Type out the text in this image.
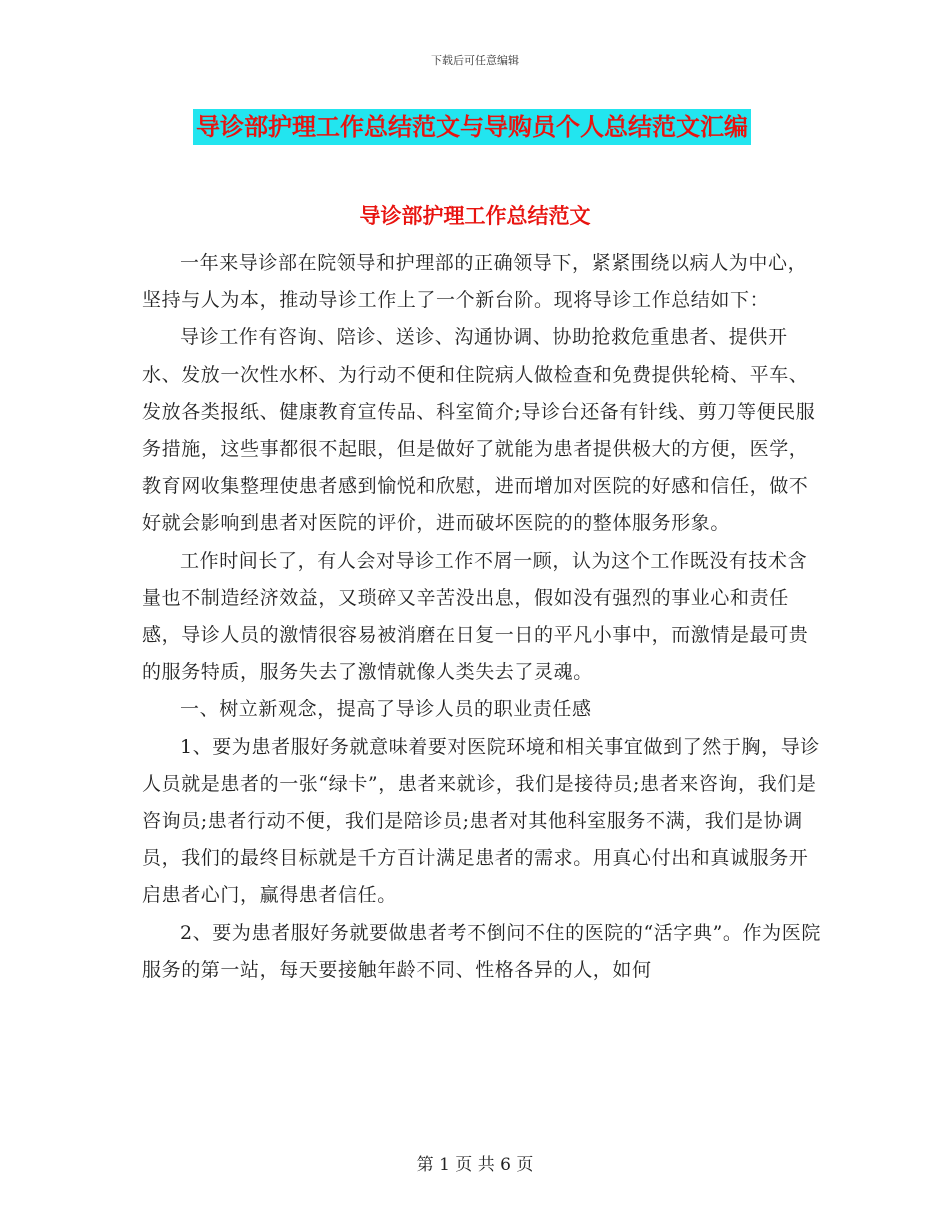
下载后可任意编辑
导诊部护理工作总结范文与导购员个人总结范文汇编
导诊部护理工作总结范文

一年来导诊部在院领导和护理部的正确领导下，紧紧围绕以病人为中心，坚持与人为本，推动导诊工作上了一个新台阶。现将导诊工作总结如下：

导诊工作有咨询、陪诊、送诊、沟通协调、协助抢救危重患者、提供开水、发放一次性水杯、为行动不便和住院病人做检查和免费提供轮椅、平车、发放各类报纸、健康教育宣传品、科室简介;导诊台还备有针线、剪刀等便民服务措施，这些事都很不起眼，但是做好了就能为患者提供极大的方便，医学，教育网收集整理使患者感到愉悦和欣慰，进而增加对医院的好感和信任，做不好就会影响到患者对医院的评价，进而破坏医院的的整体服务形象。

工作时间长了，有人会对导诊工作不屑一顾，认为这个工作既没有技术含量也不制造经济效益，又琐碎又辛苦没出息，假如没有强烈的事业心和责任感，导诊人员的激情很容易被消磨在日复一日的平凡小事中，而激情是最可贵的服务特质，服务失去了激情就像人类失去了灵魂。

一、树立新观念，提高了导诊人员的职业责任感

1、要为患者服好务就意味着要对医院环境和相关事宜做到了然于胸，导诊人员就是患者的一张“绿卡”，患者来就诊，我们是接待员;患者来咨询，我们是咨询员;患者行动不便，我们是陪诊员;患者对其他科室服务不满，我们是协调员，我们的最终目标就是千方百计满足患者的需求。用真心付出和真诚服务开启患者心门，赢得患者信任。

2、要为患者服好务就要做患者考不倒问不住的医院的“活字典”。作为医院服务的第一站，每天要接触年龄不同、性格各异的人，如何

第 1 页 共 6 页
